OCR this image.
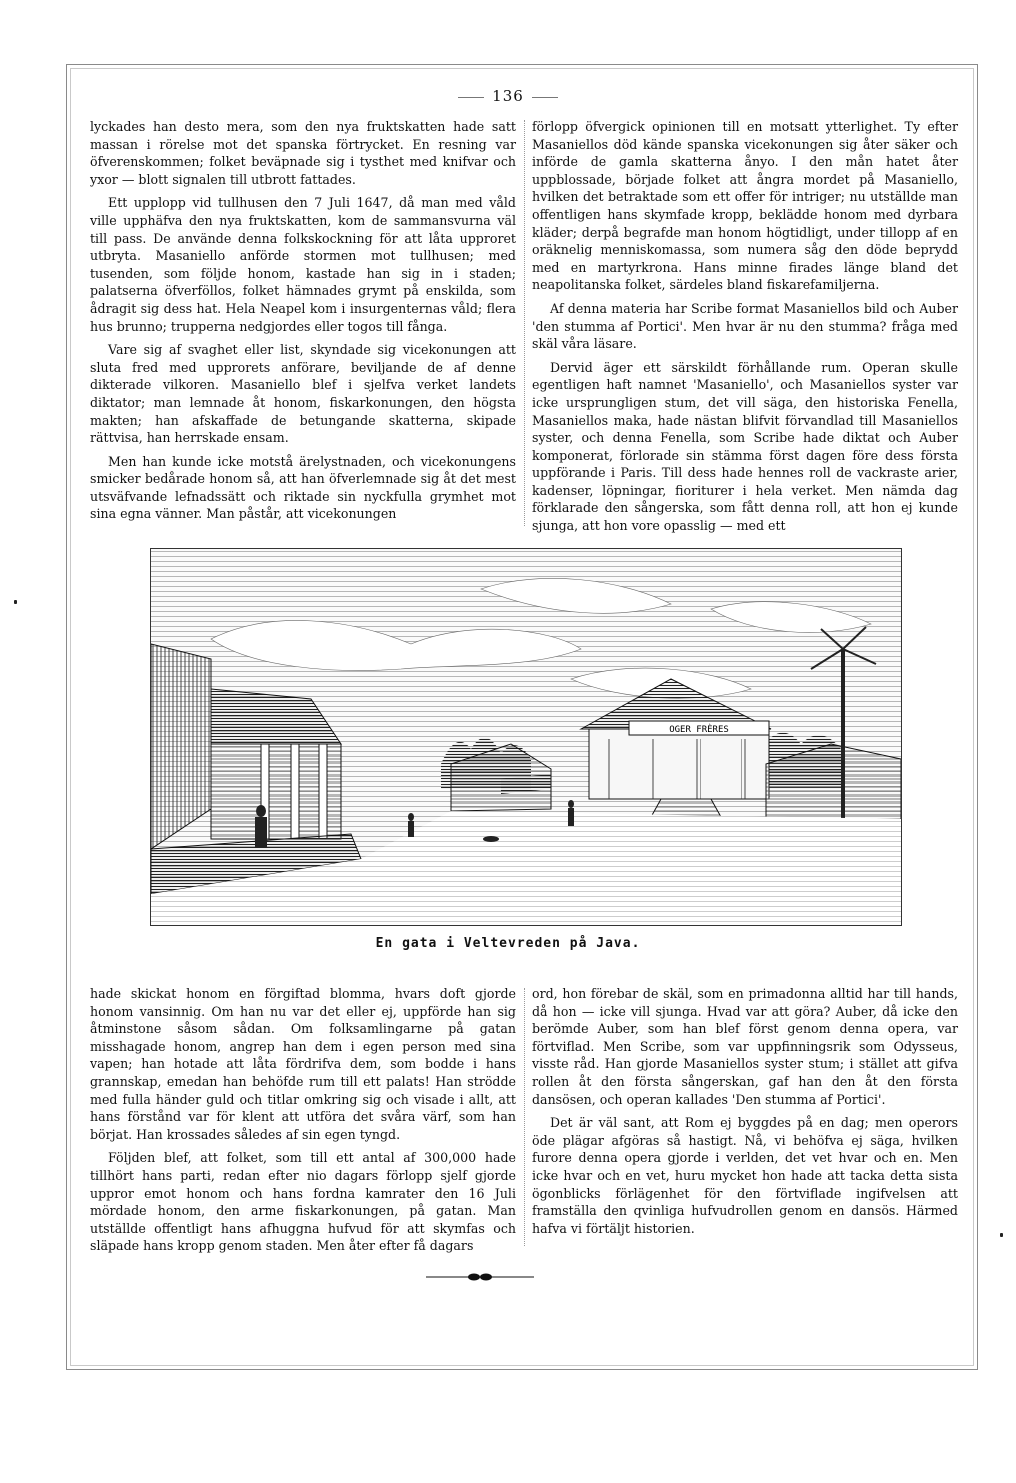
136

lyckades han desto mera, som den nya fruktskatten hade satt massan i rörelse mot det spanska förtrycket. En resning var öfverenskommen; folket beväpnade sig i tysthet med knifvar och yxor — blott signalen till utbrott fattades.

Ett upplopp vid tullhusen den 7 Juli 1647, då man med våld ville upphäfva den nya fruktskatten, kom de sammansvurna väl till pass. De använde denna folkskockning för att låta upproret utbryta. Masaniello anförde stormen mot tullhusen; med tusenden, som följde honom, kastade han sig in i staden; palatserna öfverföllos, folket hämnades grymt på enskilda, som ådragit sig dess hat. Hela Neapel kom i insurgenternas våld; flera hus brunno; trupperna nedgjordes eller togos till fånga.

Vare sig af svaghet eller list, skyndade sig vicekonungen att sluta fred med upprorets anförare, beviljande de af denne dikterade vilkoren. Masaniello blef i sjelfva verket landets diktator; man lemnade åt honom, fiskarkonungen, den högsta makten; han afskaffade de betungande skatterna, skipade rättvisa, han herrskade ensam.

Men han kunde icke motstå ärelystnaden, och vicekonungens smicker bedårade honom så, att han öfverlemnade sig åt det mest utsväfvande lefnadssätt och riktade sin nyckfulla grymhet mot sina egna vänner. Man påstår, att vicekonungen

förlopp öfvergick opinionen till en motsatt ytterlighet. Ty efter Masaniellos död kände spanska vicekonungen sig åter säker och införde de gamla skatterna ånyo. I den mån hatet åter uppblossade, började folket att ångra mordet på Masaniello, hvilken det betraktade som ett offer för intriger; nu utställde man offentligen hans skymfade kropp, beklädde honom med dyrbara kläder; derpå begrafde man honom högtidligt, under tillopp af en oräknelig menniskomassa, som numera såg den döde beprydd med en martyrkrona. Hans minne firades länge bland det neapolitanska folket, särdeles bland fiskarefamiljerna.

Af denna materia har Scribe format Masaniellos bild och Auber 'den stumma af Portici'. Men hvar är nu den stumma? fråga med skäl våra läsare.

Dervid äger ett särskildt förhållande rum. Operan skulle egentligen haft namnet 'Masaniello', och Masaniellos syster var icke ursprungligen stum, det vill säga, den historiska Fenella, Masaniellos maka, hade nästan blifvit förvandlad till Masaniellos syster, och denna Fenella, som Scribe hade diktat och Auber komponerat, förlorade sin stämma först dagen före dess första uppförande i Paris. Till dess hade hennes roll de vackraste arier, kadenser, löpningar, fioriturer i hela verket. Men nämda dag förklarade den sångerska, som fått denna roll, att hon ej kunde sjunga, att hon vore opasslig — med ett

OGER FRÈRES
En gata i Veltevreden på Java.

hade skickat honom en förgiftad blomma, hvars doft gjorde honom vansinnig. Om han nu var det eller ej, uppförde han sig åtminstone såsom sådan. Om folksamlingarne på gatan misshagade honom, angrep han dem i egen person med sina vapen; han hotade att låta fördrifva dem, som bodde i hans grannskap, emedan han behöfde rum till ett palats! Han strödde med fulla händer guld och titlar omkring sig och visade i allt, att hans förstånd var för klent att utföra det svåra värf, som han börjat. Han krossades således af sin egen tyngd.

Följden blef, att folket, som till ett antal af 300,000 hade tillhört hans parti, redan efter nio dagars förlopp sjelf gjorde uppror emot honom och hans fordna kamrater den 16 Juli mördade honom, den arme fiskarkonungen, på gatan. Man utställde offentligt hans afhuggna hufvud för att skymfas och släpade hans kropp genom staden. Men åter efter få dagars

ord, hon förebar de skäl, som en primadonna alltid har till hands, då hon — icke vill sjunga. Hvad var att göra? Auber, då icke den berömde Auber, som han blef först genom denna opera, var förtviflad. Men Scribe, som var uppfinningsrik som Odysseus, visste råd. Han gjorde Masaniellos syster stum; i stället att gifva rollen åt den första sångerskan, gaf han den åt den första dansösen, och operan kallades 'Den stumma af Portici'.

Det är väl sant, att Rom ej byggdes på en dag; men operors öde plägar afgöras så hastigt. Nå, vi behöfva ej säga, hvilken furore denna opera gjorde i verlden, det vet hvar och en. Men icke hvar och en vet, huru mycket hon hade att tacka detta sista ögonblicks förlägenhet för den förtviflade ingifvelsen att framställa den qvinliga hufvudrollen genom en dansös. Härmed hafva vi förtäljt historien.
